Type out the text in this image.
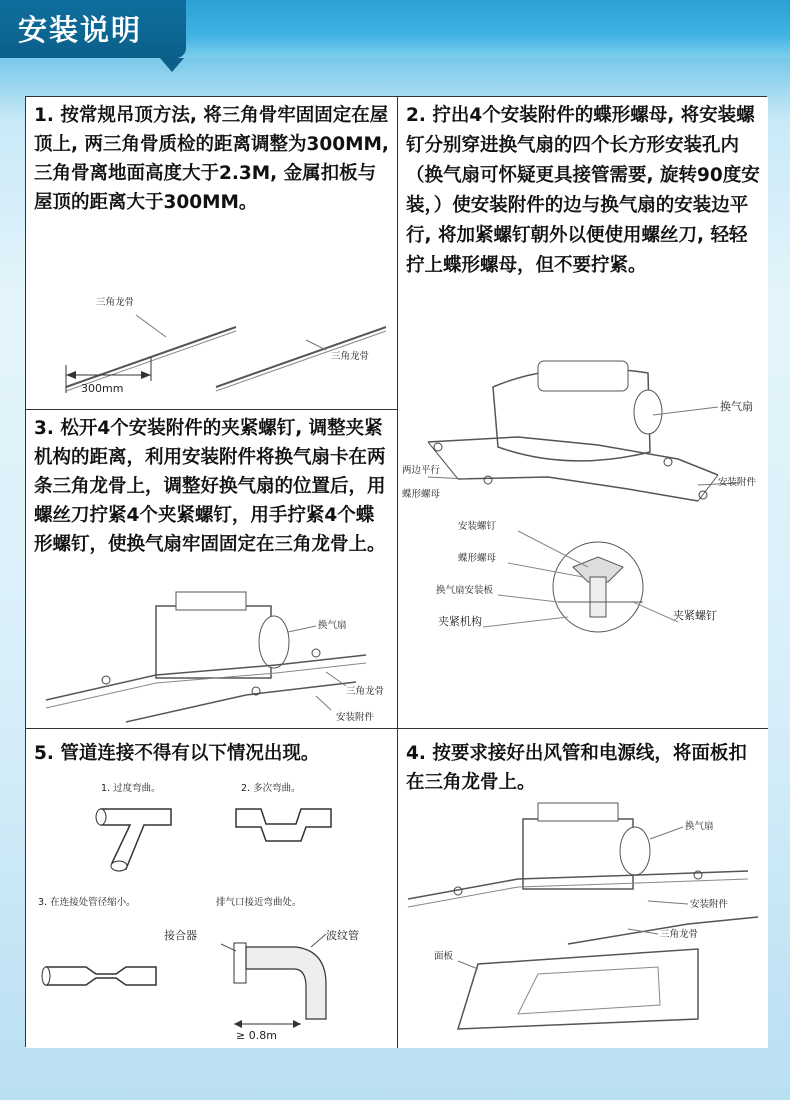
安装说明
1. 按常规吊顶方法, 将三角骨牢固固定在屋顶上, 两三角骨质检的距离调整为300MM, 三角骨离地面高度大于2.3M, 金属扣板与屋顶的距离大于300MM。
三角龙骨
三角龙骨
300mm
2. 拧出4个安装附件的蝶形螺母, 将安装螺钉分别穿进换气扇的四个长方形安装孔内（换气扇可怀疑更具接管需要, 旋转90度安装，）使安装附件的边与换气扇的安装边平行, 将加紧螺钉朝外以便使用螺丝刀, 轻轻拧上蝶形螺母，但不要拧紧。
换气扇
两边平行
蝶形螺母
安装附件
安装螺钉
蝶形螺母
换气扇安装板
夹紧机构	夹紧螺钉
3. 松开4个安装附件的夹紧螺钉, 调整夹紧机构的距离，利用安装附件将换气扇卡在两条三角龙骨上，调整好换气扇的位置后，用螺丝刀拧紧4个夹紧螺钉，用手拧紧4个蝶形螺钉，使换气扇牢固固定在三角龙骨上。
换气扇
三角龙骨
安装附件
5. 管道连接不得有以下情况出现。
1. 过度弯曲。	2. 多次弯曲。
3. 在连接处管径缩小。	排气口接近弯曲处。
接合器	波纹管
≥ 0.8m
4. 按要求接好出风管和电源线，将面板扣在三角龙骨上。
换气扇
安装附件
三角龙骨
面板
